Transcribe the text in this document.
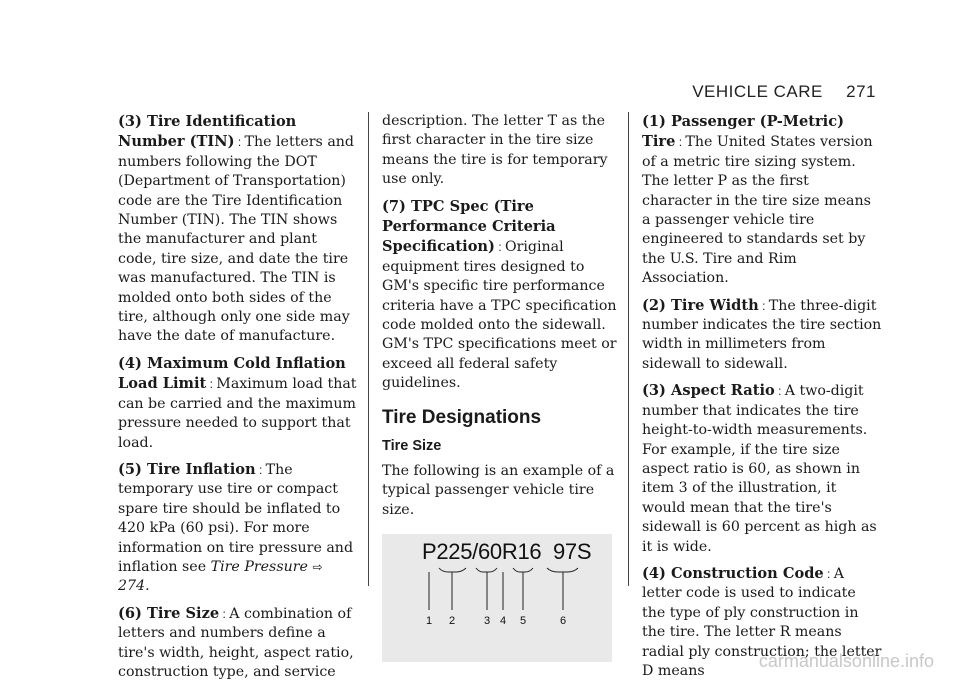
VEHICLE CARE 271

(3) Tire Identification Number (TIN) : The letters and numbers following the DOT (Department of Transportation) code are the Tire Identification Number (TIN). The TIN shows the manufacturer and plant code, tire size, and date the tire was manufactured. The TIN is molded onto both sides of the tire, although only one side may have the date of manufacture.

(4) Maximum Cold Inflation Load Limit : Maximum load that can be carried and the maximum pressure needed to support that load.

(5) Tire Inflation : The temporary use tire or compact spare tire should be inflated to 420 kPa (60 psi). For more information on tire pressure and inflation see Tire Pressure ⇨ 274.

(6) Tire Size : A combination of letters and numbers define a tire's width, height, aspect ratio, construction type, and service

description. The letter T as the first character in the tire size means the tire is for temporary use only.

(7) TPC Spec (Tire Performance Criteria Specification) : Original equipment tires designed to GM's specific tire performance criteria have a TPC specification code molded onto the sidewall. GM's TPC specifications meet or exceed all federal safety guidelines.

Tire Designations
Tire Size

The following is an example of a typical passenger vehicle tire size.

P225/60R16  97S
1 2	3 4 5	6

(1) Passenger (P-Metric) Tire : The United States version of a metric tire sizing system. The letter P as the first character in the tire size means a passenger vehicle tire engineered to standards set by the U.S. Tire and Rim Association.

(2) Tire Width : The three-digit number indicates the tire section width in millimeters from sidewall to sidewall.

(3) Aspect Ratio : A two-digit number that indicates the tire height-to-width measurements. For example, if the tire size aspect ratio is 60, as shown in item 3 of the illustration, it would mean that the tire's sidewall is 60 percent as high as it is wide.

(4) Construction Code : A letter code is used to indicate the type of ply construction in the tire. The letter R means radial ply construction; the letter D means	carmanualsonline.info
